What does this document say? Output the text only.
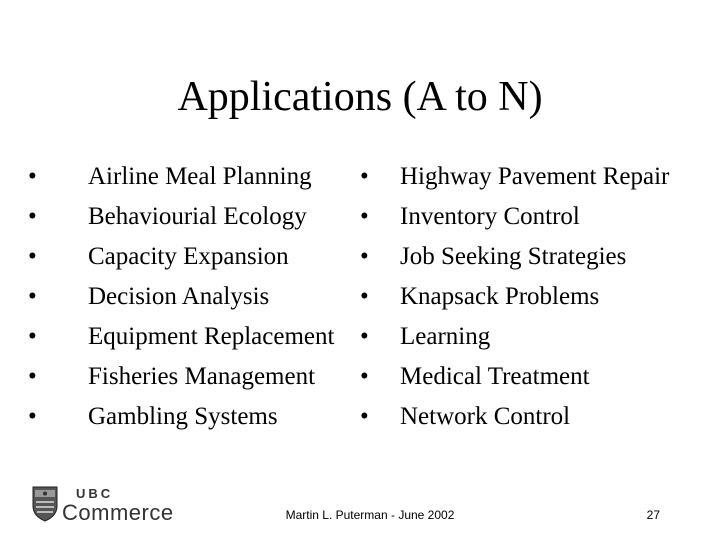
Applications (A to N)
•	Airline Meal Planning
•	Behaviourial Ecology
•	Capacity Expansion
•	Decision Analysis
•	Equipment Replacement
•	Fisheries Management
•	Gambling Systems
•	Highway Pavement Repair
•	Inventory Control
•	Job Seeking Strategies
•	Knapsack Problems
•	Learning
•	Medical Treatment
•	Network Control
UBC
Commerce	Martin L. Puterman - June 2002	27
